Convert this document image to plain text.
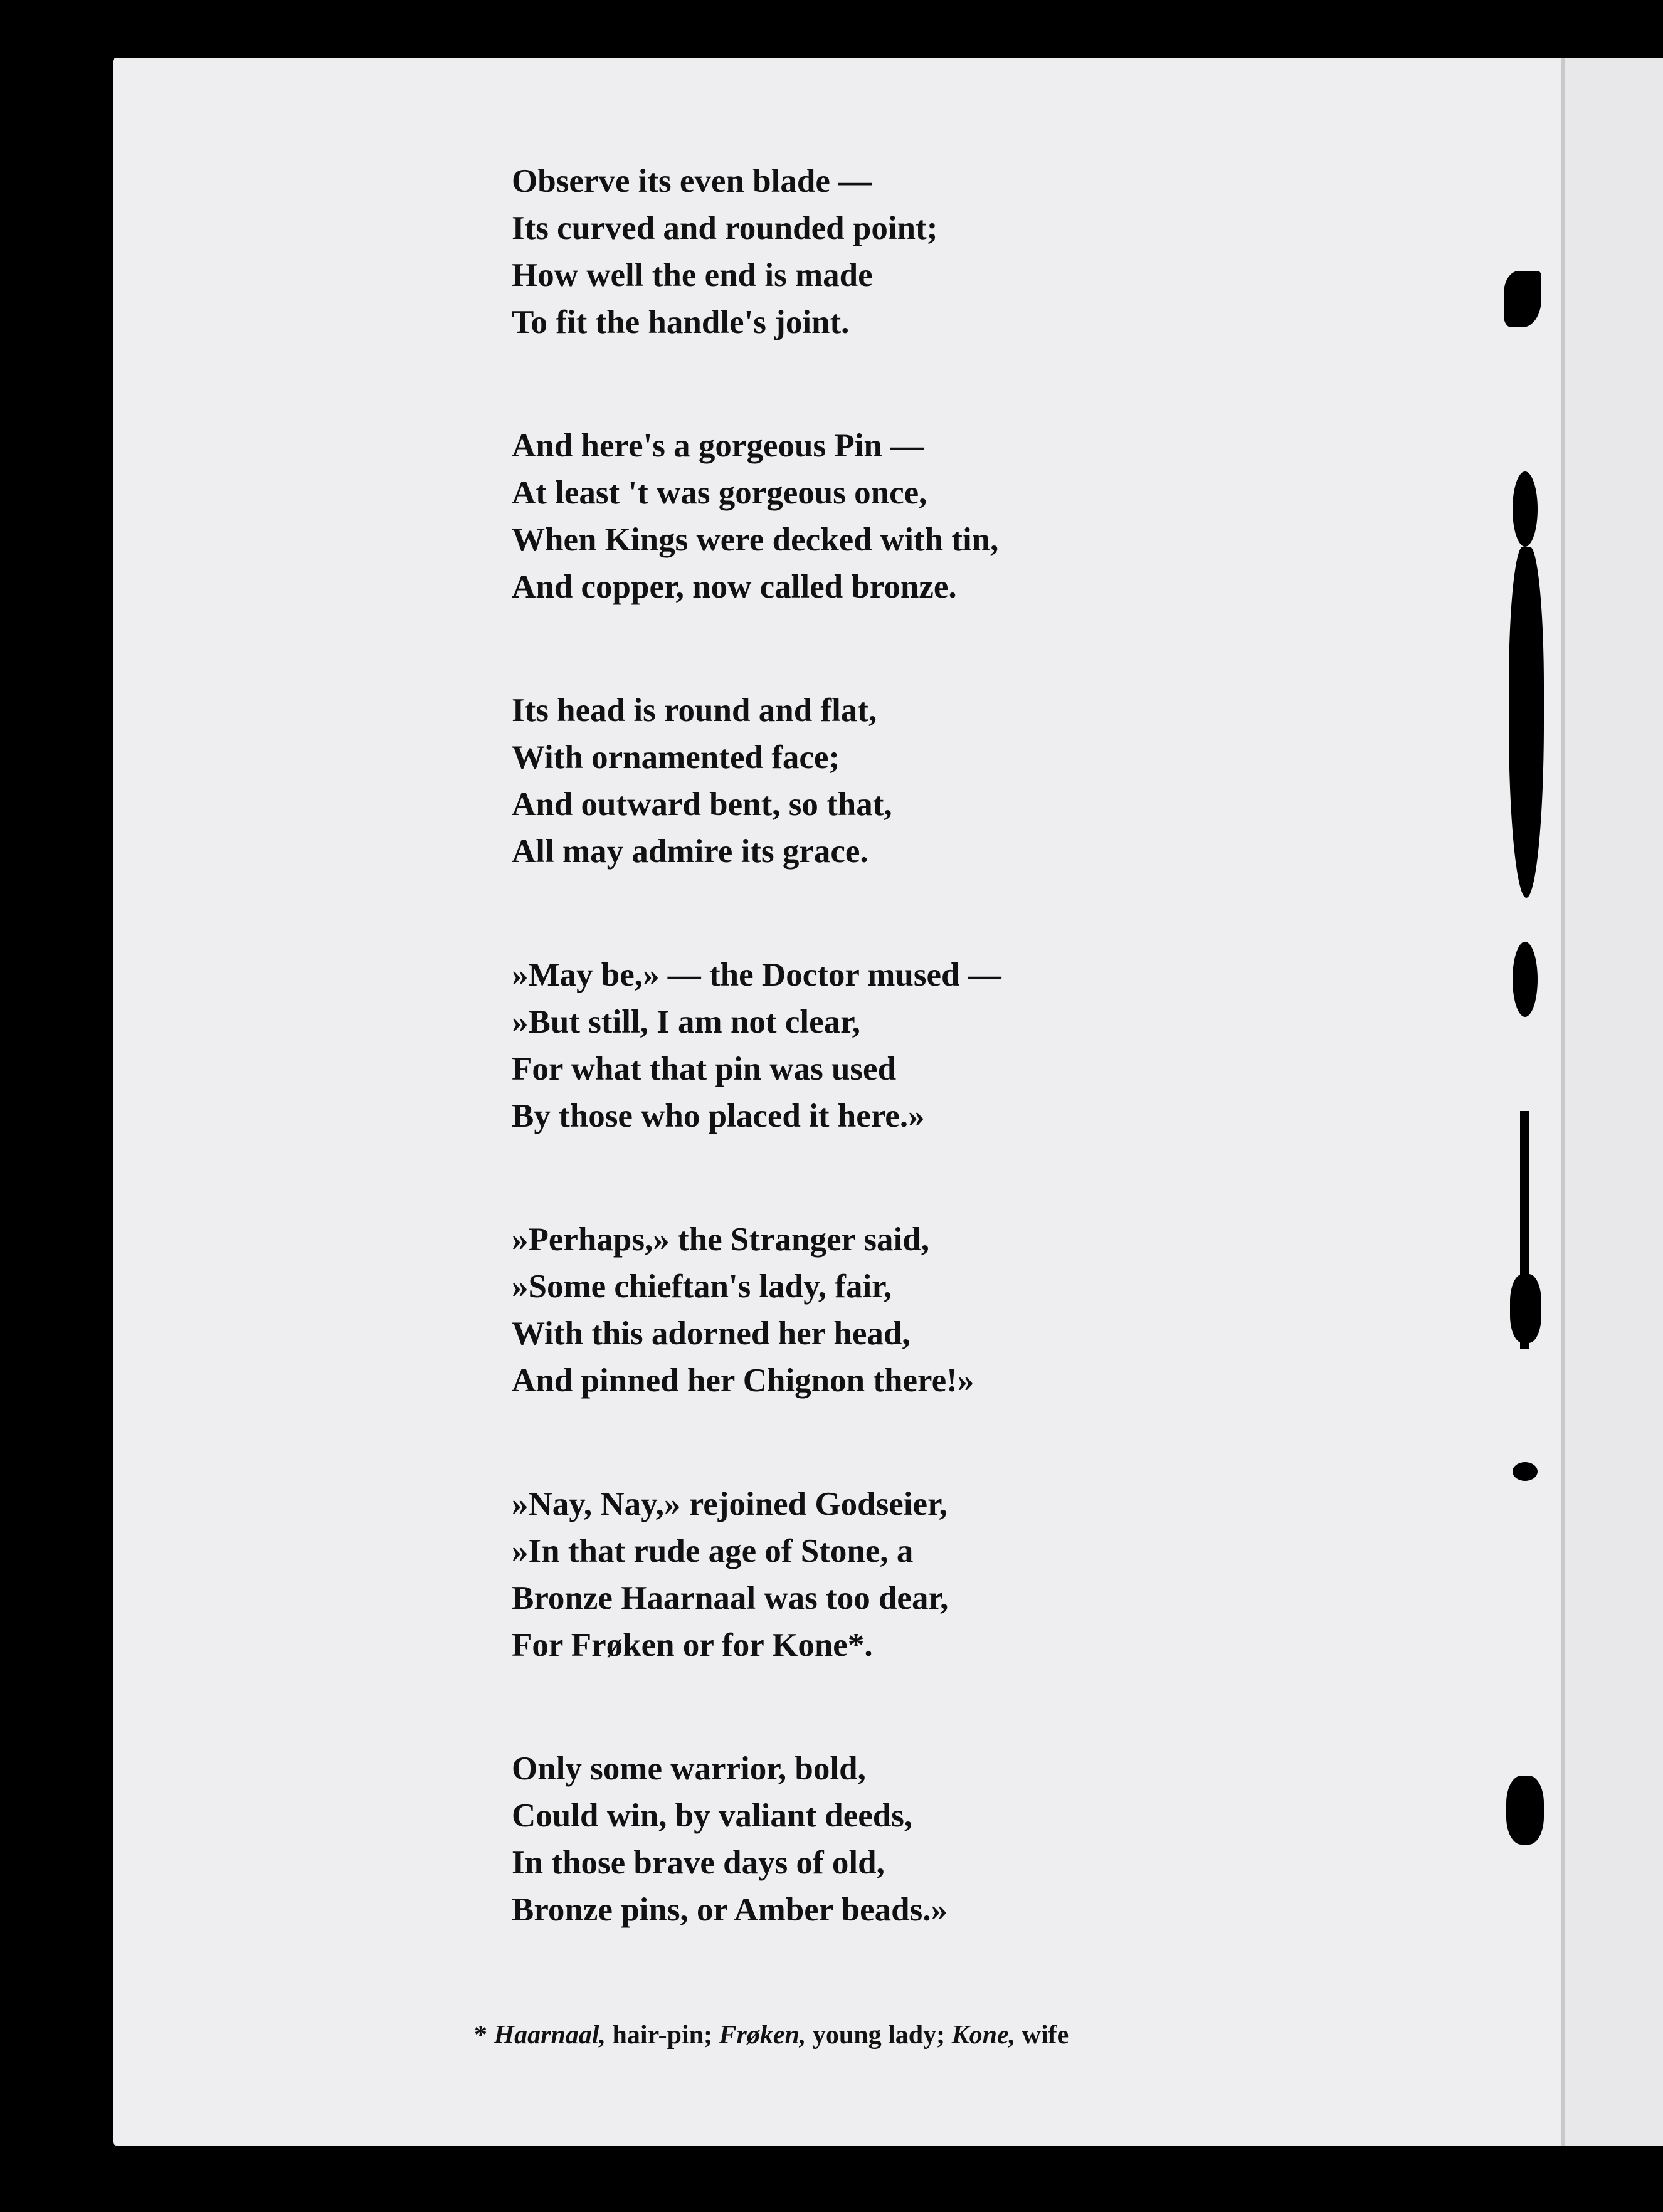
Observe its even blade —
Its curved and rounded point;
How well the end is made
To fit the handle's joint.
And here's a gorgeous Pin —
At least 't was gorgeous once,
When Kings were decked with tin,
And copper, now called bronze.
Its head is round and flat,
With ornamented face;
And outward bent, so that,
All may admire its grace.
»May be,» — the Doctor mused —
»But still, I am not clear,
For what that pin was used
By those who placed it here.»
»Perhaps,» the Stranger said,
»Some chieftan's lady, fair,
With this adorned her head,
And pinned her Chignon there!»
»Nay, Nay,» rejoined Godseier,
»In that rude age of Stone, a
Bronze Haarnaal was too dear,
For Frøken or for Kone*.
Only some warrior, bold,
Could win, by valiant deeds,
In those brave days of old,
Bronze pins, or Amber beads.»
* Haarnaal, hair-pin; Frøken, young lady; Kone, wife
